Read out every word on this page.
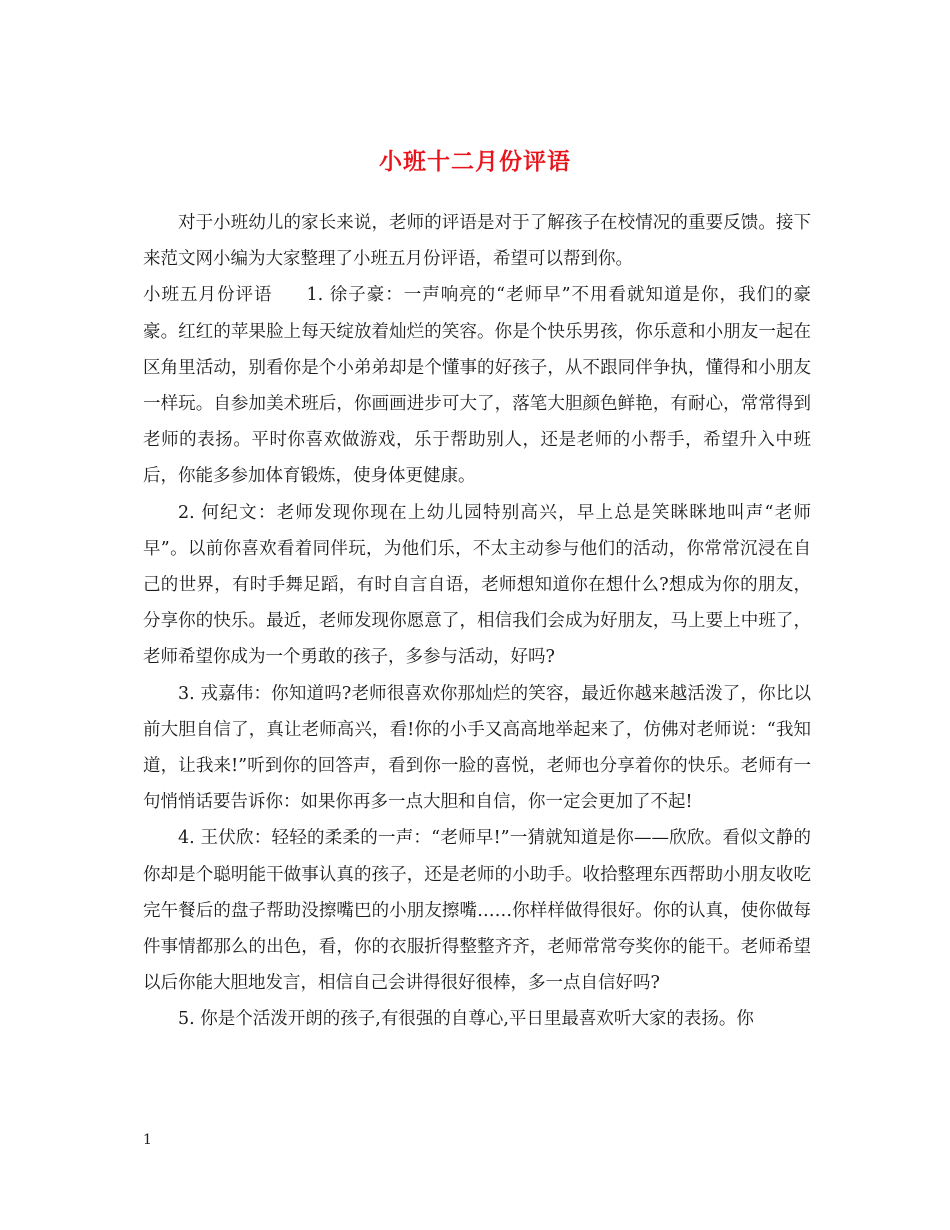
小班十二月份评语

对于小班幼儿的家长来说，老师的评语是对于了解孩子在校情况的重要反馈。接下来范文网小编为大家整理了小班五月份评语，希望可以帮到你。

小班五月份评语 1. 徐子豪：一声响亮的“老师早”不用看就知道是你，我们的豪豪。红红的苹果脸上每天绽放着灿烂的笑容。你是个快乐男孩，你乐意和小朋友一起在区角里活动，别看你是个小弟弟却是个懂事的好孩子，从不跟同伴争执，懂得和小朋友一样玩。自参加美术班后，你画画进步可大了，落笔大胆颜色鲜艳，有耐心，常常得到老师的表扬。平时你喜欢做游戏，乐于帮助别人，还是老师的小帮手，希望升入中班后，你能多参加体育锻炼，使身体更健康。

2. 何纪文：老师发现你现在上幼儿园特别高兴，早上总是笑眯眯地叫声“老师早”。以前你喜欢看着同伴玩，为他们乐，不太主动参与他们的活动，你常常沉浸在自己的世界，有时手舞足蹈，有时自言自语，老师想知道你在想什么?想成为你的朋友，分享你的快乐。最近，老师发现你愿意了，相信我们会成为好朋友，马上要上中班了，老师希望你成为一个勇敢的孩子，多参与活动，好吗?

3. 戎嘉伟：你知道吗?老师很喜欢你那灿烂的笑容，最近你越来越活泼了，你比以前大胆自信了，真让老师高兴，看!你的小手又高高地举起来了，仿佛对老师说：“我知道，让我来!”听到你的回答声，看到你一脸的喜悦，老师也分享着你的快乐。老师有一句悄悄话要告诉你：如果你再多一点大胆和自信，你一定会更加了不起!

4. 王伏欣：轻轻的柔柔的一声：“老师早!”一猜就知道是你——欣欣。看似文静的你却是个聪明能干做事认真的孩子，还是老师的小助手。收拾整理东西帮助小朋友收吃完午餐后的盘子帮助没擦嘴巴的小朋友擦嘴……你样样做得很好。你的认真，使你做每件事情都那么的出色，看，你的衣服折得整整齐齐，老师常常夸奖你的能干。老师希望以后你能大胆地发言，相信自己会讲得很好很棒，多一点自信好吗?

5. 你是个活泼开朗的孩子,有很强的自尊心,平日里最喜欢听大家的表扬。你

1
